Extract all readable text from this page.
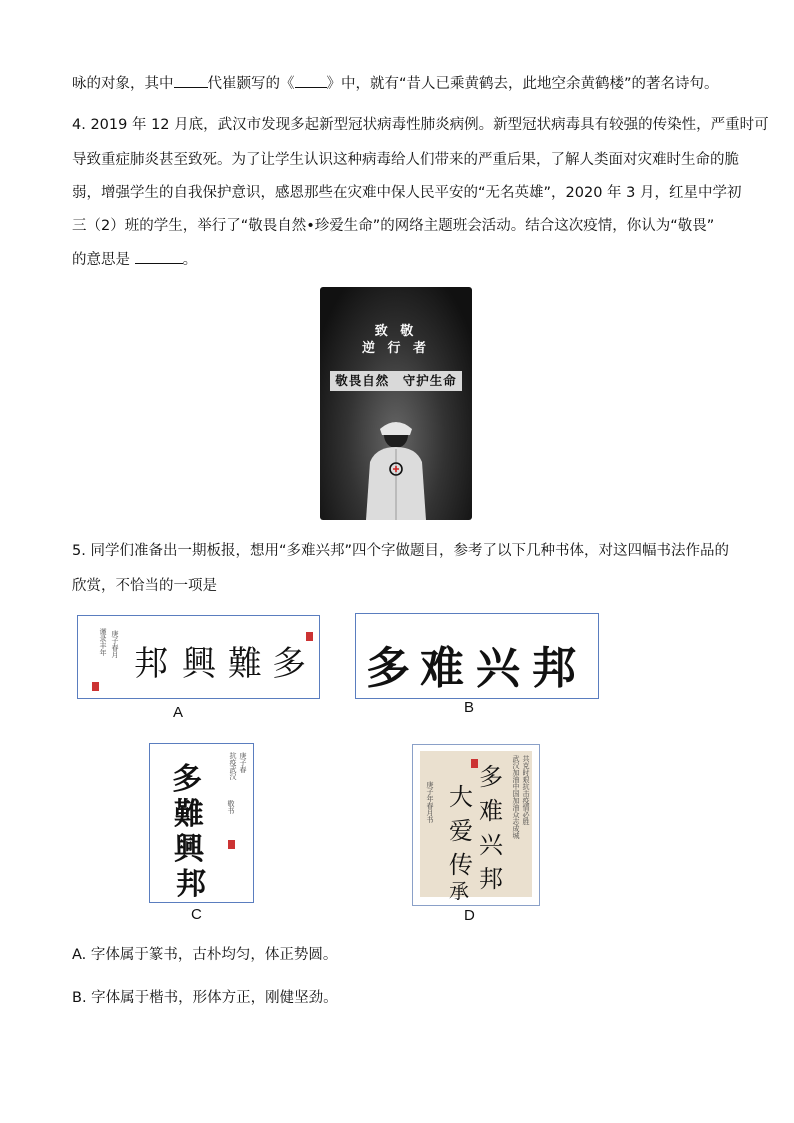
咏的对象，其中 代崔颢写的《 》中，就有“昔人已乘黄鹤去，此地空余黄鹤楼”的著名诗句。
4. 2019 年 12 月底，武汉市发现多起新型冠状病毒性肺炎病例。新型冠状病毒具有较强的传染性，严重时可
导致重症肺炎甚至致死。为了让学生认识这种病毒给人们带来的严重后果，了解人类面对灾难时生命的脆
弱，增强学生的自我保护意识，感恩那些在灾难中保人民平安的“无名英雄”，2020 年 3 月，红星中学初
三（2）班的学生，举行了“敬畏自然•珍爱生命”的网络主题班会活动。结合这次疫情，你认为“敬畏”
的意思是	。
致 敬
逆 行 者
敬畏自然　守护生命
5. 同学们准备出一期板报，想用“多难兴邦”四个字做题目，参考了以下几种书体，对这四幅书法作品的
欣赏，不恰当的一项是
谨录丰年 庚子春月 邦 興 難 多
A
多 难 兴 邦
B
多
難
興
邦
抗疫武汉 庚子春
敬书
C
多
难
兴
邦
大
爱
传
承
庚子年春月书	武汉加油中国加油众志成城 共克时艰抗击疫情必胜
D
A. 字体属于篆书，古朴均匀，体正势圆。
B. 字体属于楷书，形体方正，刚健坚劲。
